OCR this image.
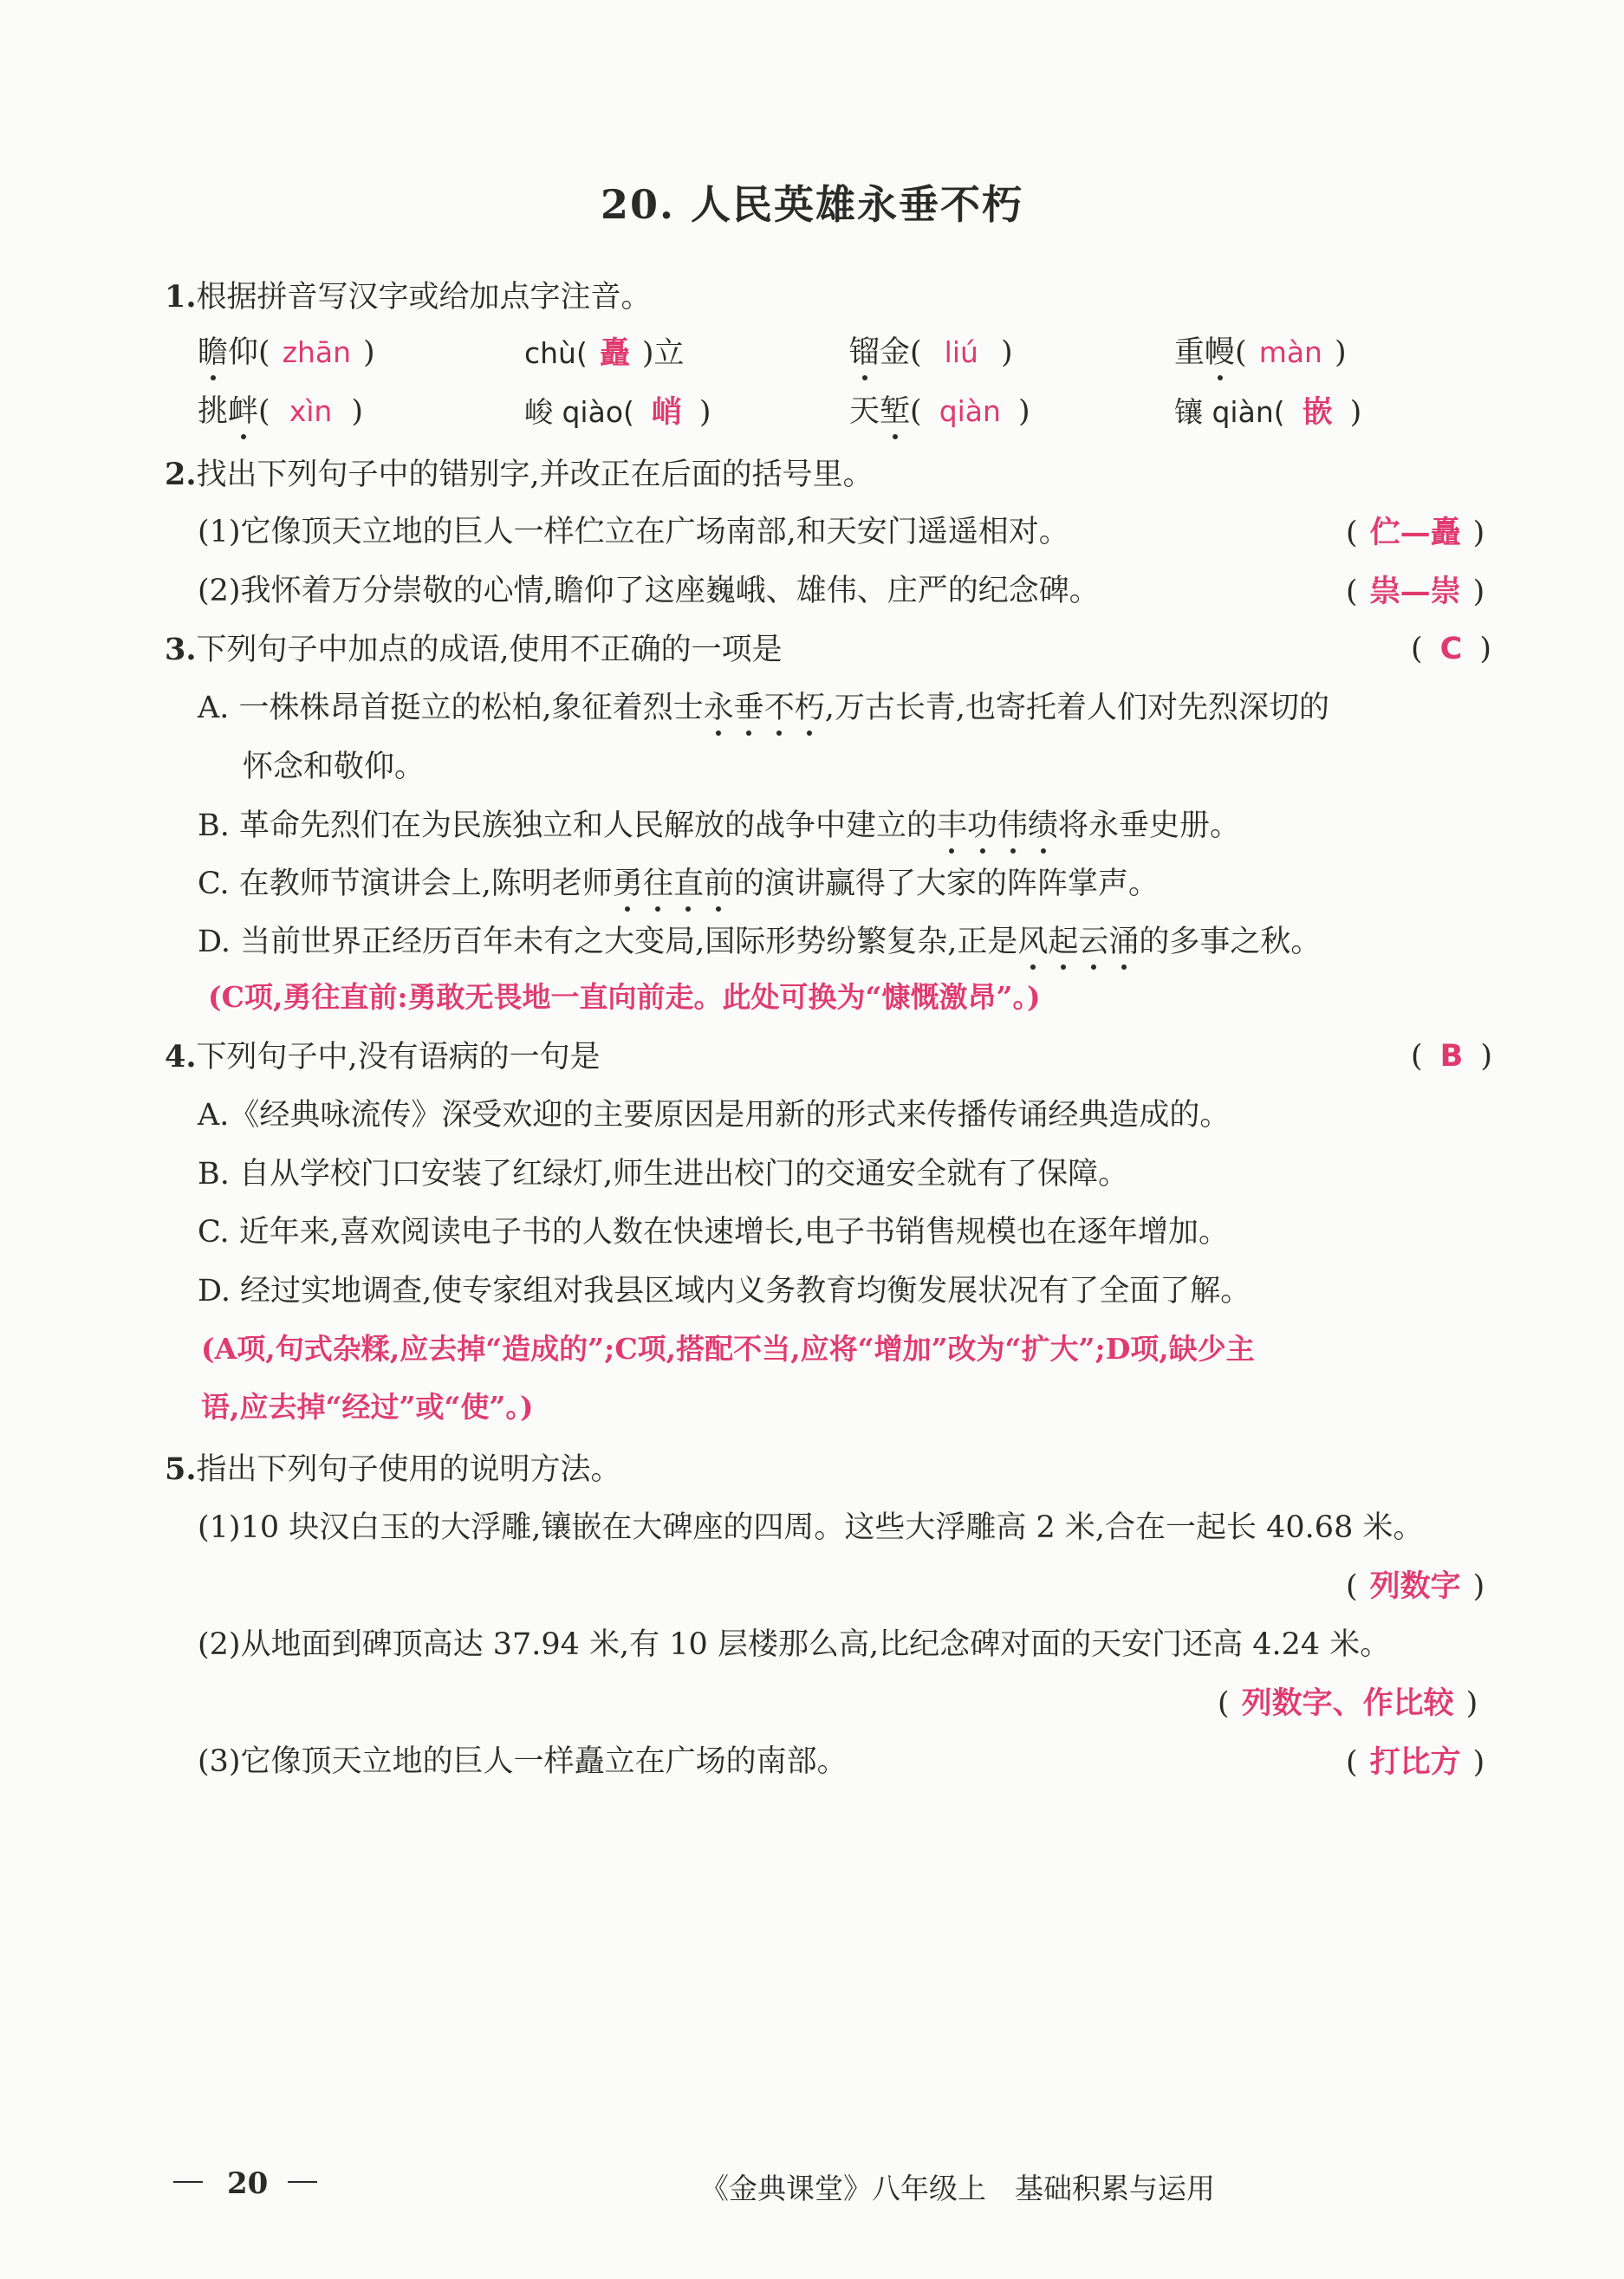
20. 人民英雄永垂不朽
1.根据拼音写汉字或给加点字注音。
瞻仰( zhān )	chù( 矗 )立	镏金( liú )	重幔( màn )
挑衅( xìn )	峻 qiào( 峭 )	天堑( qiàn )	镶 qiàn( 嵌 )
2.找出下列句子中的错别字,并改正在后面的括号里。
(1)它像顶天立地的巨人一样伫立在广场南部,和天安门遥遥相对。	( 伫—矗 )
(2)我怀着万分崇敬的心情,瞻仰了这座巍峨、雄伟、庄严的纪念碑。	( 祟—崇 )
3.下列句子中加点的成语,使用不正确的一项是	( C )
A. 一株株昂首挺立的松柏,象征着烈士永垂不朽,万古长青,也寄托着人们对先烈深切的
怀念和敬仰。
B. 革命先烈们在为民族独立和人民解放的战争中建立的丰功伟绩将永垂史册。
C. 在教师节演讲会上,陈明老师勇往直前的演讲赢得了大家的阵阵掌声。
D. 当前世界正经历百年未有之大变局,国际形势纷繁复杂,正是风起云涌的多事之秋。
(C项,勇往直前:勇敢无畏地一直向前走。此处可换为“慷慨激昂”。)
4.下列句子中,没有语病的一句是	( B )
A.《经典咏流传》深受欢迎的主要原因是用新的形式来传播传诵经典造成的。
B. 自从学校门口安装了红绿灯,师生进出校门的交通安全就有了保障。
C. 近年来,喜欢阅读电子书的人数在快速增长,电子书销售规模也在逐年增加。
D. 经过实地调查,使专家组对我县区域内义务教育均衡发展状况有了全面了解。
(A项,句式杂糅,应去掉“造成的”;C项,搭配不当,应将“增加”改为“扩大”;D项,缺少主
语,应去掉“经过”或“使”。)
5.指出下列句子使用的说明方法。
(1)10 块汉白玉的大浮雕,镶嵌在大碑座的四周。这些大浮雕高 2 米,合在一起长 40.68 米。
( 列数字 )
(2)从地面到碑顶高达 37.94 米,有 10 层楼那么高,比纪念碑对面的天安门还高 4.24 米。
( 列数字、作比较 )
(3)它像顶天立地的巨人一样矗立在广场的南部。	( 打比方 )
20	《金典课堂》八年级上　基础积累与运用
